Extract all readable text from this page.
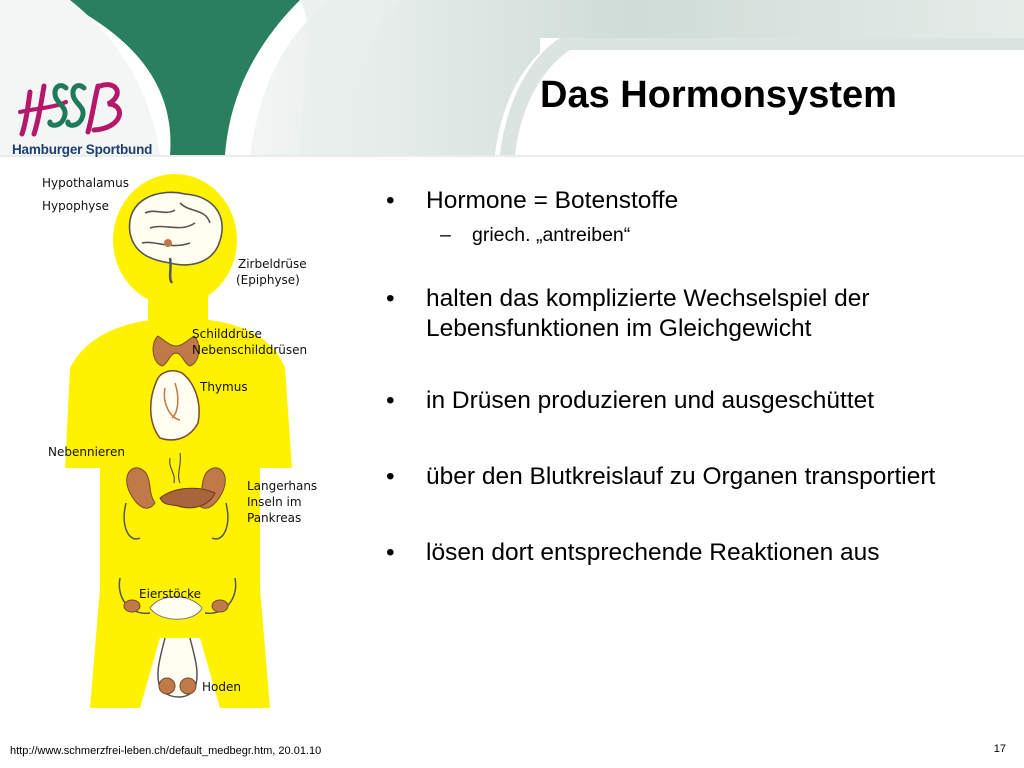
Hamburger Sportbund
Das Hormonsystem
Hypothalamus
Hypophyse
Zirbeldrüse
(Epiphyse)
Schilddrüse
Nebenschilddrüsen
Thymus
Nebennieren
Langerhans
Inseln im
Pankreas
Eierstöcke
Hoden
• Hormone = Botenstoffe
– griech. „antreiben“
• halten das komplizierte Wechselspiel der Lebensfunktionen im Gleichgewicht
• in Drüsen produzieren und ausgeschüttet
• über den Blutkreislauf zu Organen transportiert
• lösen dort entsprechende Reaktionen aus
http://www.schmerzfrei-leben.ch/default_medbegr.htm, 20.01.10	17
